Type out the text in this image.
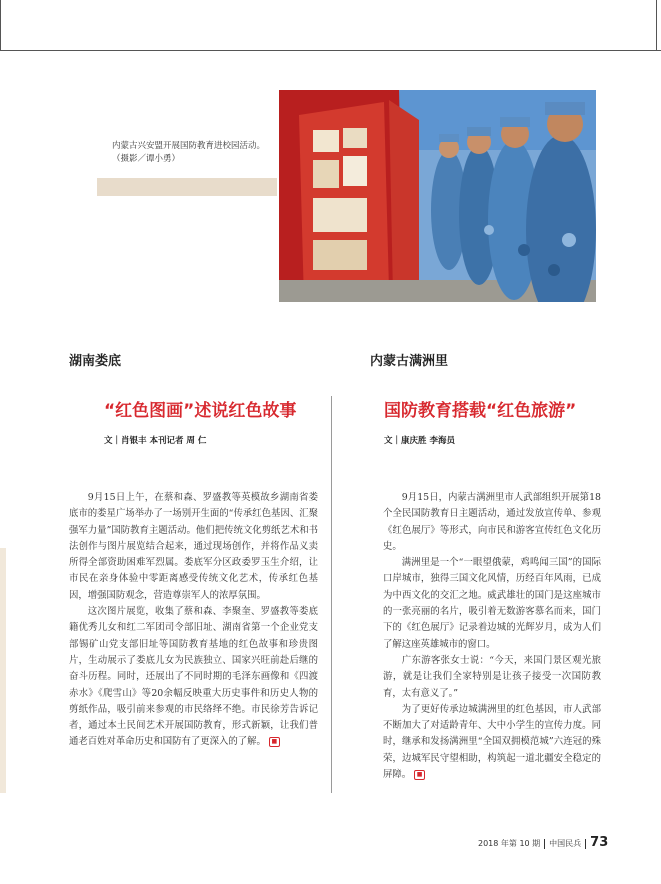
内蒙古兴安盟开展国防教育进校园活动。（摄影／谭小勇）
湖南娄底	内蒙古满洲里
“红色图画”述说红色故事	国防教育搭载“红色旅游”
文｜肖银丰 本刊记者 周 仁	文｜康庆胜 李海员

9月15日上午，在蔡和森、罗盛教等英模故乡湖南省娄底市的娄星广场举办了一场别开生面的“传承红色基因、汇聚强军力量”国防教育主题活动。他们把传统文化剪纸艺术和书法创作与图片展览结合起来，通过现场创作，并将作品义卖所得全部资助困难军烈属。娄底军分区政委罗玉生介绍，让市民在亲身体验中零距离感受传统文化艺术，传承红色基因，增强国防观念，营造尊崇军人的浓厚氛围。

这次图片展览，收集了蔡和森、李聚奎、罗盛教等娄底籍优秀儿女和红二军团司令部旧址、湖南省第一个企业党支部锡矿山党支部旧址等国防教育基地的红色故事和珍贵图片，生动展示了娄底儿女为民族独立、国家兴旺前赴后继的奋斗历程。同时，还展出了不同时期的毛泽东画像和《四渡赤水》《爬雪山》等20余幅反映重大历史事件和历史人物的剪纸作品，吸引前来参观的市民络绎不绝。市民徐芳告诉记者，通过本土民间艺术开展国防教育，形式新颖，让我们普通老百姓对革命历史和国防有了更深入的了解。 ■

9月15日，内蒙古满洲里市人武部组织开展第18个全民国防教育日主题活动，通过发放宣传单、参观《红色展厅》等形式，向市民和游客宣传红色文化历史。

满洲里是一个“一眼望俄蒙，鸡鸣闻三国”的国际口岸城市，独得三国文化风情，历经百年风雨，已成为中西文化的交汇之地。威武雄壮的国门是这座城市的一张亮丽的名片，吸引着无数游客慕名而来，国门下的《红色展厅》记录着边城的光辉岁月，成为人们了解这座英雄城市的窗口。

广东游客张女士说：“今天，来国门景区观光旅游，就是让我们全家特别是让孩子接受一次国防教育，太有意义了。”

为了更好传承边城满洲里的红色基因，市人武部不断加大了对适龄青年、大中小学生的宣传力度。同时，继承和发扬满洲里“全国双拥模范城”六连冠的殊荣，边城军民守望相助，构筑起一道北疆安全稳定的屏障。 ■

2018 年第 10 期 中国民兵 73
